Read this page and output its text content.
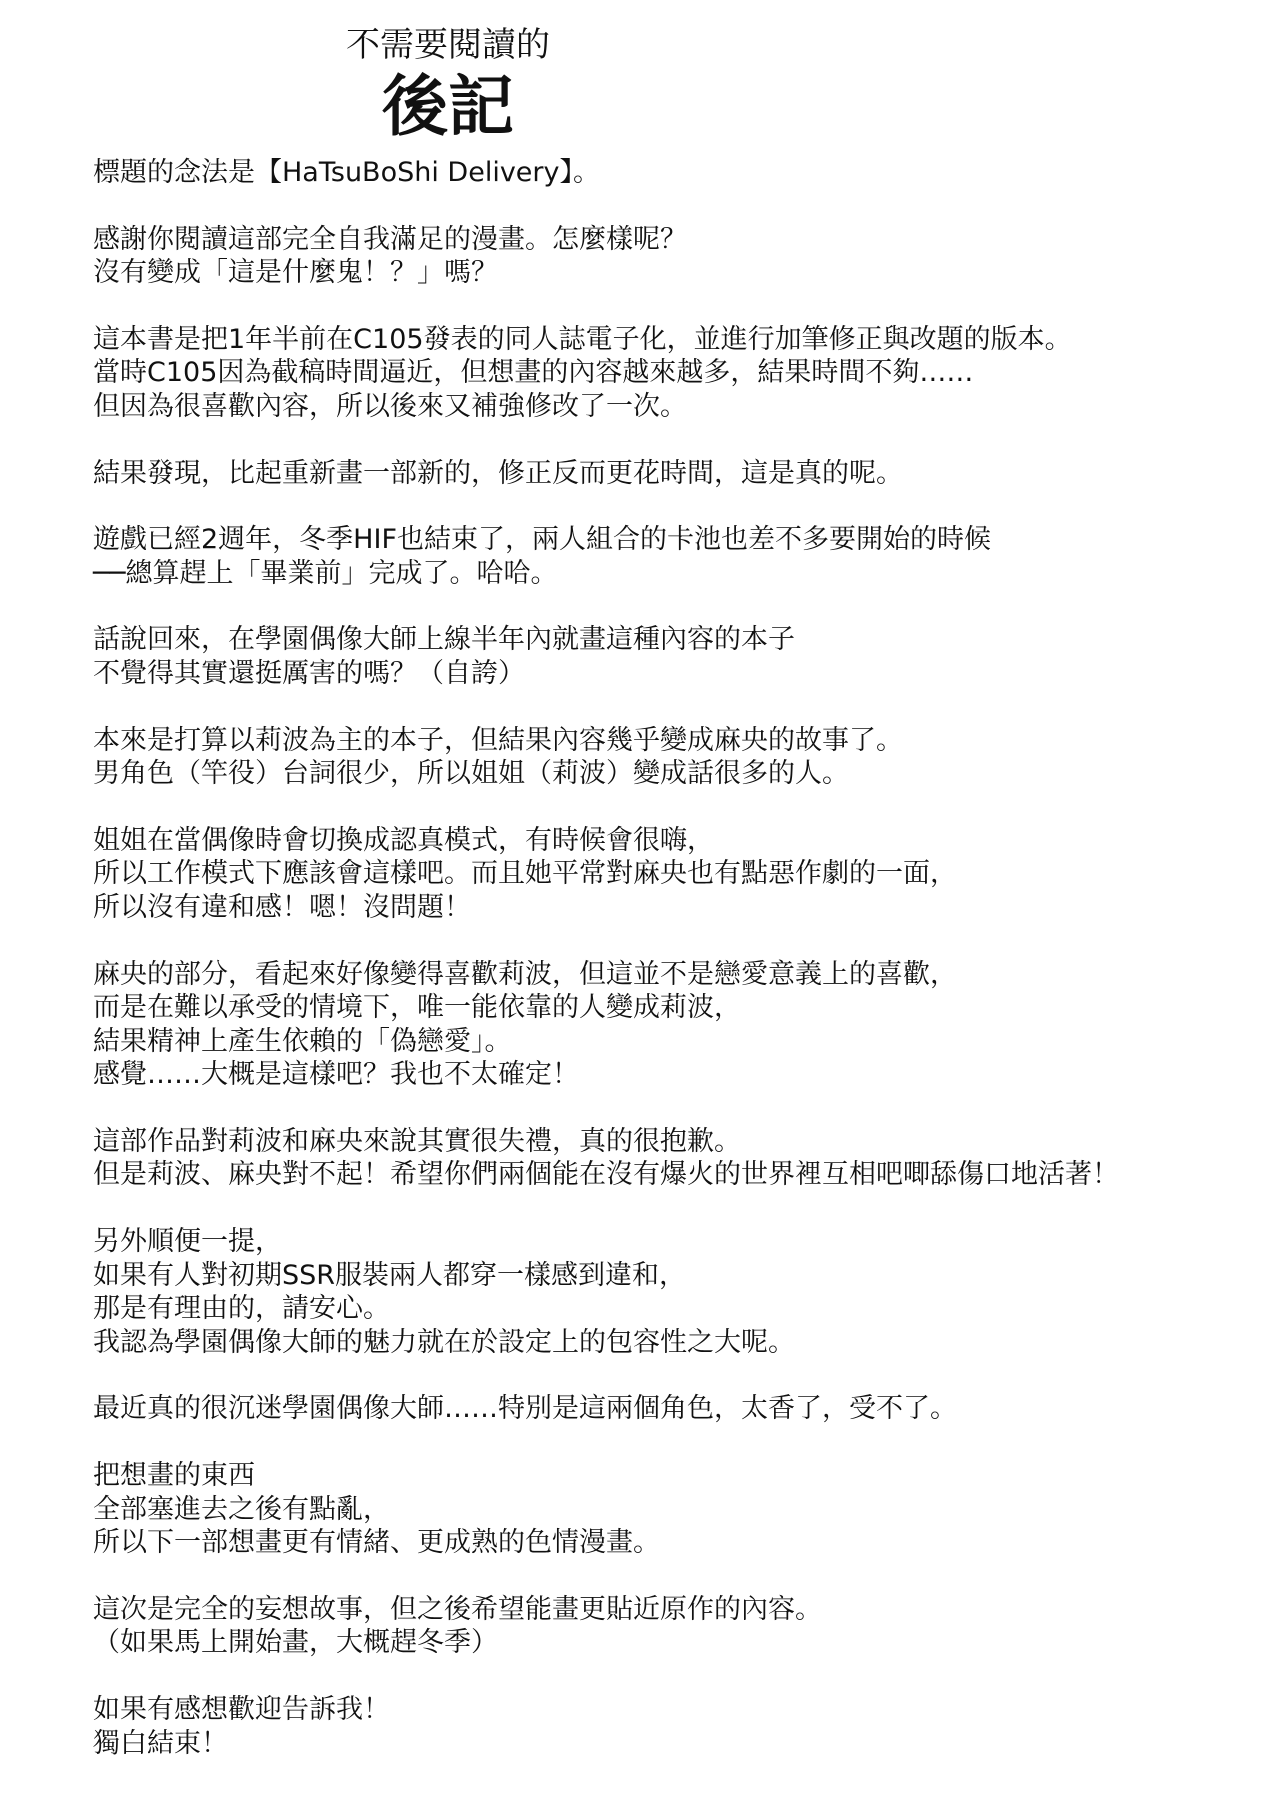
不需要閱讀的
後記
標題的念法是【HaTsuBoShi Delivery】。
感謝你閱讀這部完全自我滿足的漫畫。怎麼樣呢？
沒有變成「這是什麼鬼！？」嗎？
這本書是把1年半前在C105發表的同人誌電子化，並進行加筆修正與改題的版本。
當時C105因為截稿時間逼近，但想畫的內容越來越多，結果時間不夠……
但因為很喜歡內容，所以後來又補強修改了一次。
結果發現，比起重新畫一部新的，修正反而更花時間，這是真的呢。
遊戲已經2週年，冬季HIF也結束了，兩人組合的卡池也差不多要開始的時候
──總算趕上「畢業前」完成了。哈哈。
話說回來，在學園偶像大師上線半年內就畫這種內容的本子
不覺得其實還挺厲害的嗎？（自誇）
本來是打算以莉波為主的本子，但結果內容幾乎變成麻央的故事了。
男角色（竿役）台詞很少，所以姐姐（莉波）變成話很多的人。
姐姐在當偶像時會切換成認真模式，有時候會很嗨，
所以工作模式下應該會這樣吧。而且她平常對麻央也有點惡作劇的一面，
所以沒有違和感！嗯！沒問題！
麻央的部分，看起來好像變得喜歡莉波，但這並不是戀愛意義上的喜歡，
而是在難以承受的情境下，唯一能依靠的人變成莉波，
結果精神上產生依賴的「偽戀愛」。
感覺……大概是這樣吧？我也不太確定！
這部作品對莉波和麻央來說其實很失禮，真的很抱歉。
但是莉波、麻央對不起！希望你們兩個能在沒有爆火的世界裡互相吧唧舔傷口地活著！
另外順便一提，
如果有人對初期SSR服裝兩人都穿一樣感到違和，
那是有理由的，請安心。
我認為學園偶像大師的魅力就在於設定上的包容性之大呢。
最近真的很沉迷學園偶像大師……特別是這兩個角色，太香了，受不了。
把想畫的東西
全部塞進去之後有點亂，
所以下一部想畫更有情緒、更成熟的色情漫畫。
這次是完全的妄想故事，但之後希望能畫更貼近原作的內容。
（如果馬上開始畫，大概趕冬季）
如果有感想歡迎告訴我！
獨白結束！
